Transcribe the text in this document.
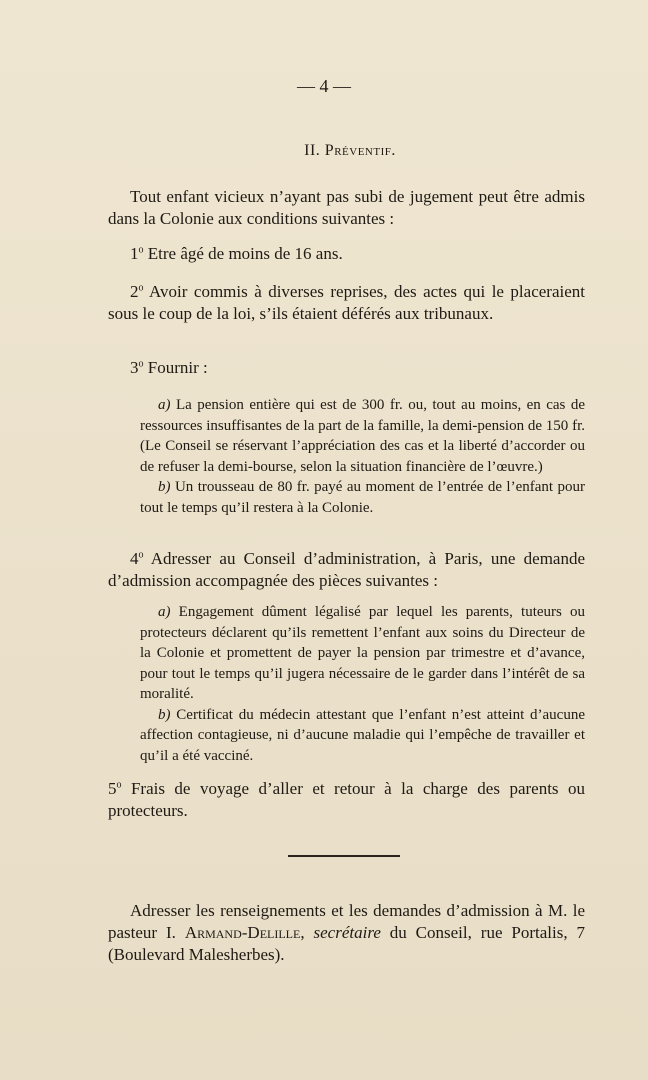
— 4 —
II. Préventif.
Tout enfant vicieux n’ayant pas subi de jugement peut être admis dans la Colonie aux conditions suivantes :
1$^o$ Etre âgé de moins de 16 ans.
2$^o$ Avoir commis à diverses reprises, des actes qui le placeraient sous le coup de la loi, s’ils étaient déférés aux tribunaux.
3$^o$ Fournir :
a) La pension entière qui est de 300 fr. ou, tout au moins, en cas de ressources insuffisantes de la part de la famille, la demi-pension de 150 fr. (Le Conseil se réservant l’appréciation des cas et la liberté d’accorder ou de refuser la demi-bourse, selon la situation financière de l’œuvre.)
b) Un trousseau de 80 fr. payé au moment de l’entrée de l’enfant pour tout le temps qu’il restera à la Colonie.
4$^o$ Adresser au Conseil d’administration, à Paris, une demande d’admission accompagnée des pièces suivantes :
a) Engagement dûment légalisé par lequel les parents, tuteurs ou protecteurs déclarent qu’ils remettent l’enfant aux soins du Directeur de la Colonie et promettent de payer la pension par trimestre et d’avance, pour tout le temps qu’il jugera nécessaire de le garder dans l’intérêt de sa moralité.
b) Certificat du médecin attestant que l’enfant n’est atteint d’aucune affection contagieuse, ni d’aucune maladie qui l’empêche de travailler et qu’il a été vacciné.
5$^o$ Frais de voyage d’aller et retour à la charge des parents ou protecteurs.
Adresser les renseignements et les demandes d’admission à M. le pasteur I. Armand-Delille, secrétaire du Conseil, rue Portalis, 7 (Boulevard Malesherbes).
